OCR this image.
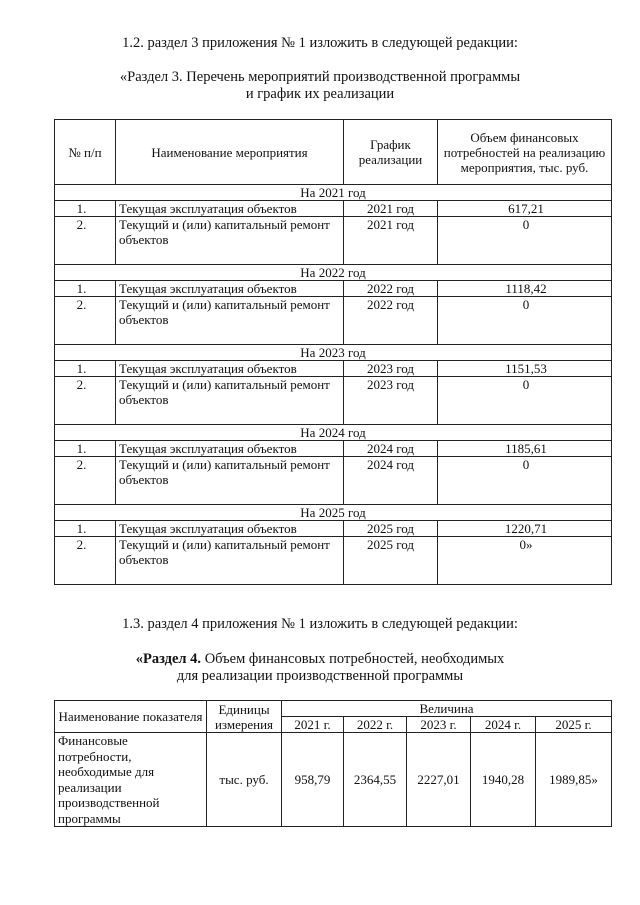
1.2. раздел 3 приложения № 1 изложить в следующей редакции:
«Раздел 3. Перечень мероприятий производственной программы
и график их реализации
№ п/п	Наименование мероприятия	График реализации	Объем финансовых потребностей на реализацию мероприятия, тыс. руб.
На 2021 год			
1.	Текущая эксплуатация объектов	2021 год	617,21
2.	Текущий и (или) капитальный ремонт объектов	2021 год	0
На 2022 год			
1.	Текущая эксплуатация объектов	2022 год	1118,42
2.	Текущий и (или) капитальный ремонт объектов	2022 год	0
На 2023 год			
1.	Текущая эксплуатация объектов	2023 год	1151,53
2.	Текущий и (или) капитальный ремонт объектов	2023 год	0
На 2024 год			
1.	Текущая эксплуатация объектов	2024 год	1185,61
2.	Текущий и (или) капитальный ремонт объектов	2024 год	0
На 2025 год			
1.	Текущая эксплуатация объектов	2025 год	1220,71
2.	Текущий и (или) капитальный ремонт объектов	2025 год	0»
1.3. раздел 4 приложения № 1 изложить в следующей редакции:
«Раздел 4. Объем финансовых потребностей, необходимых
для реализации производственной программы
Наименование показателя	Единицы измерения	Величина				
		2021 г.	2022 г.	2023 г.	2024 г.	2025 г.
Финансовые потребности, необходимые для реализации производственной программы	тыс. руб.	958,79	2364,55	2227,01	1940,28	1989,85»
